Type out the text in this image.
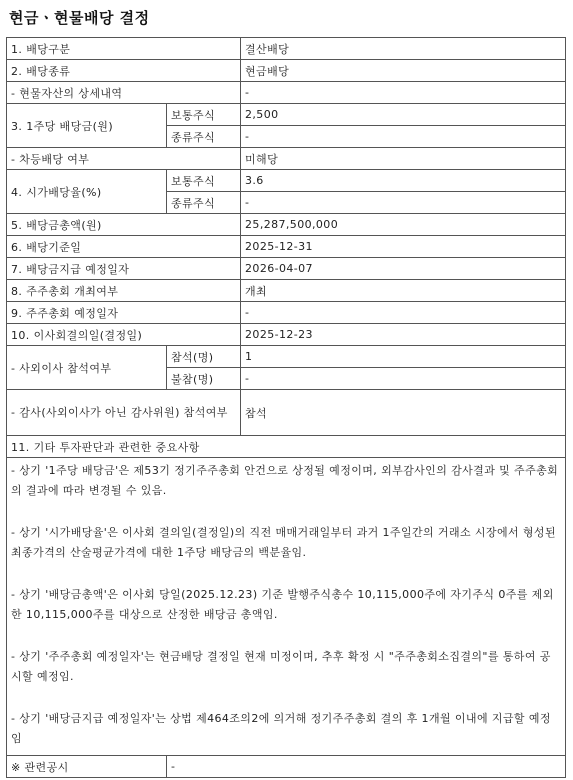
현금ㆍ현물배당 결정
1. 배당구분		결산배당
2. 배당종류		현금배당
- 현물자산의 상세내역		-
3. 1주당 배당금(원)	보통주식	2,500
	종류주식	-
- 차등배당 여부		미해당
4. 시가배당율(%)	보통주식	3.6
	종류주식	-
5. 배당금총액(원)		25,287,500,000
6. 배당기준일		2025-12-31
7. 배당금지급 예정일자		2026-04-07
8. 주주총회 개최여부		개최
9. 주주총회 예정일자		-
10. 이사회결의일(결정일)		2025-12-23
- 사외이사 참석여부	참석(명)	1
	불참(명)	-
- 감사(사외이사가 아닌 감사위원) 참석여부		참석
11. 기타 투자판단과 관련한 중요사항		

- 상기 '1주당 배당금'은 제53기 정기주주총회 안건으로 상정될 예정이며, 외부감사인의 감사결과 및 주주총회의 결과에 따라 변경될 수 있음.

- 상기 '시가배당율'은 이사회 결의일(결정일)의 직전 매매거래일부터 과거 1주일간의 거래소 시장에서 형성된 최종가격의 산술평균가격에 대한 1주당 배당금의 백분율임.

- 상기 '배당금총액'은 이사회 당일(2025.12.23) 기준 발행주식총수 10,115,000주에 자기주식 0주를 제외한 10,115,000주를 대상으로 산정한 배당금 총액임.

- 상기 '주주총회 예정일자'는 현금배당 결정일 현재 미정이며, 추후 확정 시 "주주총회소집결의"를 통하여 공시할 예정임.

- 상기 '배당금지급 예정일자'는 상법 제464조의2에 의거해 정기주주총회 결의 후 1개월 이내에 지급할 예정임		

※ 관련공시	-	
